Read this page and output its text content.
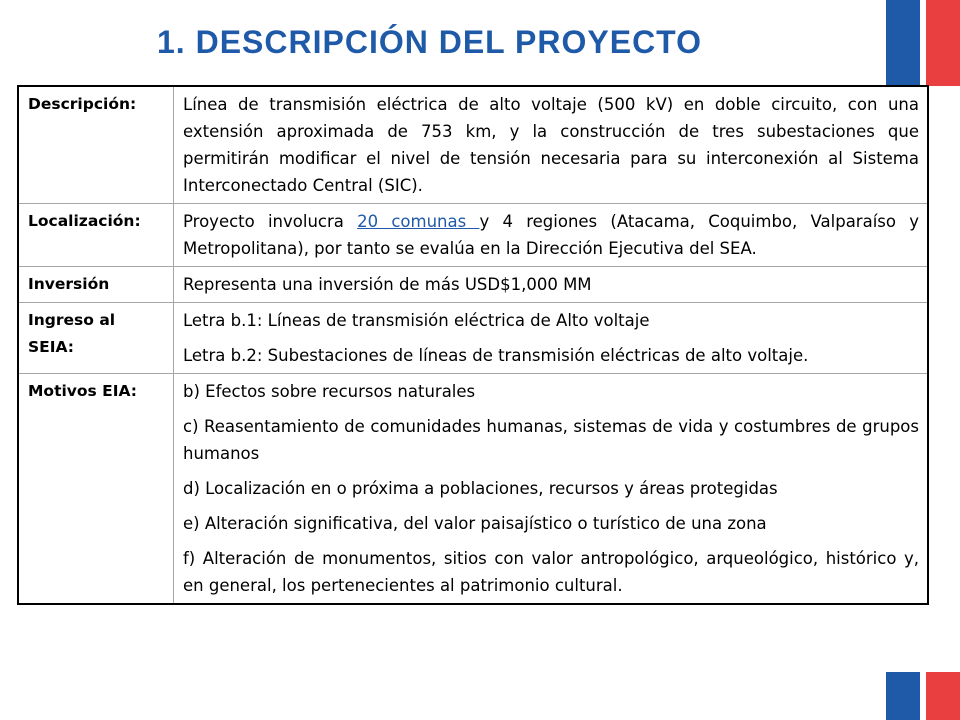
1. DESCRIPCIÓN DEL PROYECTO
Descripción:	Línea de transmisión eléctrica de alto voltaje (500 kV) en doble circuito, con una extensión aproximada de 753 km, y la construcción de tres subestaciones que permitirán modificar el nivel de tensión necesaria para su interconexión al Sistema Interconectado Central (SIC).
Localización:	Proyecto involucra 20 comunas y 4 regiones (Atacama, Coquimbo, Valparaíso y Metropolitana), por tanto se evalúa en la Dirección Ejecutiva del SEA.
Inversión	Representa una inversión de más USD$1,000 MM
Ingreso al SEIA:	Letra b.1: Líneas de transmisión eléctrica de Alto voltaje
Letra b.2: Subestaciones de líneas de transmisión eléctricas de alto voltaje.

Motivos EIA:	b) Efectos sobre recursos naturales
c) Reasentamiento de comunidades humanas, sistemas de vida y costumbres de grupos humanos
d) Localización en o próxima a poblaciones, recursos y áreas protegidas
e) Alteración significativa, del valor paisajístico o turístico de una zona
f) Alteración de monumentos, sitios con valor antropológico, arqueológico, histórico y, en general, los pertenecientes al patrimonio cultural.
